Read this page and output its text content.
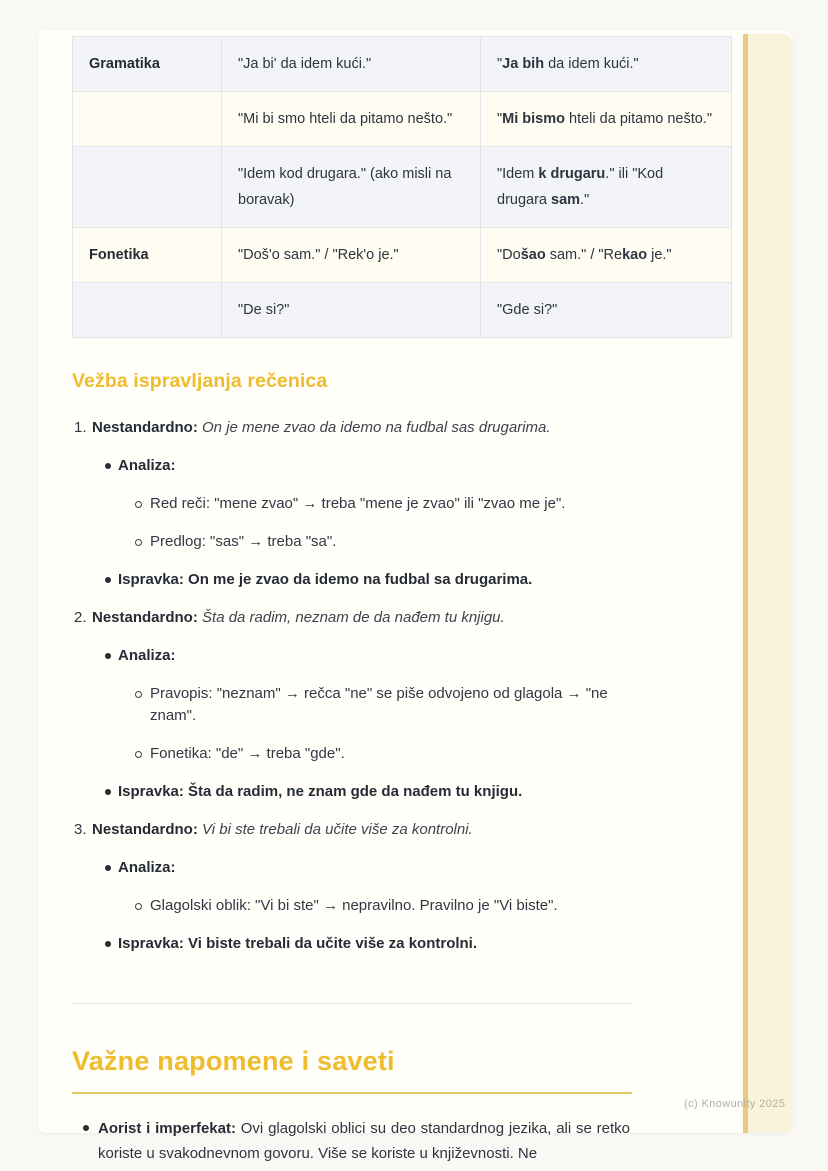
Gramatika	"Ja bi' da idem kući."	"Ja bih da idem kući."
	"Mi bi smo hteli da pitamo nešto."	"Mi bismo hteli da pitamo nešto."
	"Idem kod drugara." (ako misli na boravak)	"Idem k drugaru." ili "Kod drugara sam."
Fonetika	"Doš'o sam." / "Rek'o je."	"Došao sam." / "Rekao je."
	"De si?"	"Gde si?"
Vežba ispravljanja rečenica
1. Nestandardno: On je mene zvao da idemo na fudbal sas drugarima.
Analiza:
Red reči: "mene zvao" → treba "mene je zvao" ili "zvao me je".
Predlog: "sas" → treba "sa".
Ispravka: On me je zvao da idemo na fudbal sa drugarima.
2. Nestandardno: Šta da radim, neznam de da nađem tu knjigu.
Analiza:
Pravopis: "neznam" → rečca "ne" se piše odvojeno od glagola → "ne znam".
Fonetika: "de" → treba "gde".
Ispravka: Šta da radim, ne znam gde da nađem tu knjigu.
3. Nestandardno: Vi bi ste trebali da učite više za kontrolni.
Analiza:
Glagolski oblik: "Vi bi ste" → nepravilno. Pravilno je "Vi biste".
Ispravka: Vi biste trebali da učite više za kontrolni.
Važne napomene i saveti
Aorist i imperfekat: Ovi glagolski oblici su deo standardnog jezika, ali se retko koriste u svakodnevnom govoru. Više se koriste u književnosti. Ne
(c) Knowunity 2025
